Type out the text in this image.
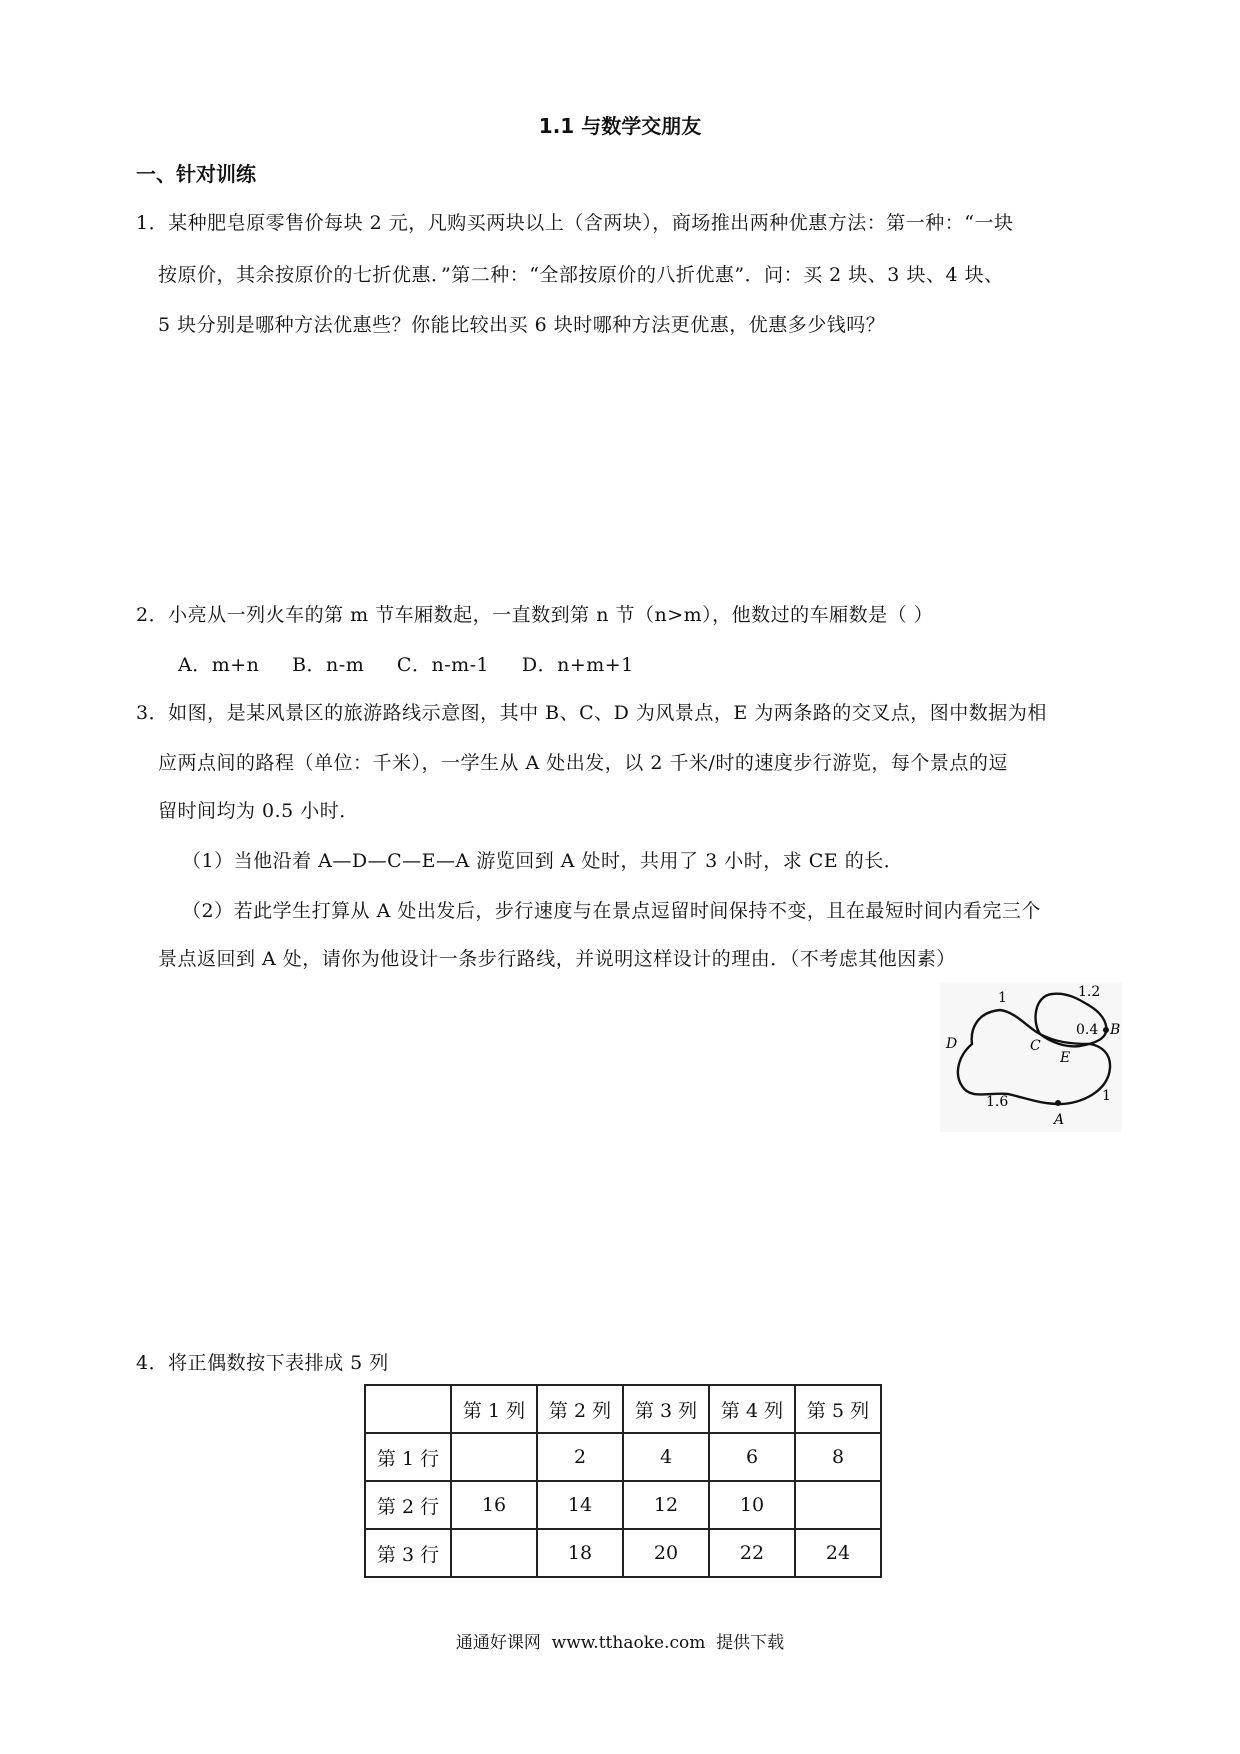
1.1 与数学交朋友
一、针对训练
1．某种肥皂原零售价每块 2 元，凡购买两块以上（含两块），商场推出两种优惠方法：第一种：“一块
按原价，其余按原价的七折优惠．”第二种：“全部按原价的八折优惠”．问：买 2 块、3 块、4 块、
5 块分别是哪种方法优惠些？你能比较出买 6 块时哪种方法更优惠，优惠多少钱吗？
2．小亮从一列火车的第 m 节车厢数起，一直数到第 n 节（n>m），他数过的车厢数是（ ）
A．m+n     B．n-m     C．n-m-1     D．n+m+1
3．如图，是某风景区的旅游路线示意图，其中 B、C、D 为风景点，E 为两条路的交叉点，图中数据为相
应两点间的路程（单位：千米），一学生从 A 处出发，以 2 千米/时的速度步行游览，每个景点的逗
留时间均为 0.5 小时．
（1）当他沿着 A—D—C—E—A 游览回到 A 处时，共用了 3 小时，求 CE 的长．
（2）若此学生打算从 A 处出发后，步行速度与在景点逗留时间保持不变，且在最短时间内看完三个
景点返回到 A 处，请你为他设计一条步行路线，并说明这样设计的理由．（不考虑其他因素）
1	1.2
0.4
1.6	1
A
B
C
D
E
4．将正偶数按下表排成 5 列
	第 1 列	第 2 列	第 3 列	第 4 列	第 5 列
第 1 行		2	4	6	8
第 2 行	16	14	12	10	
第 3 行		18	20	22	24
通通好课网  www.tthaoke.com  提供下载
